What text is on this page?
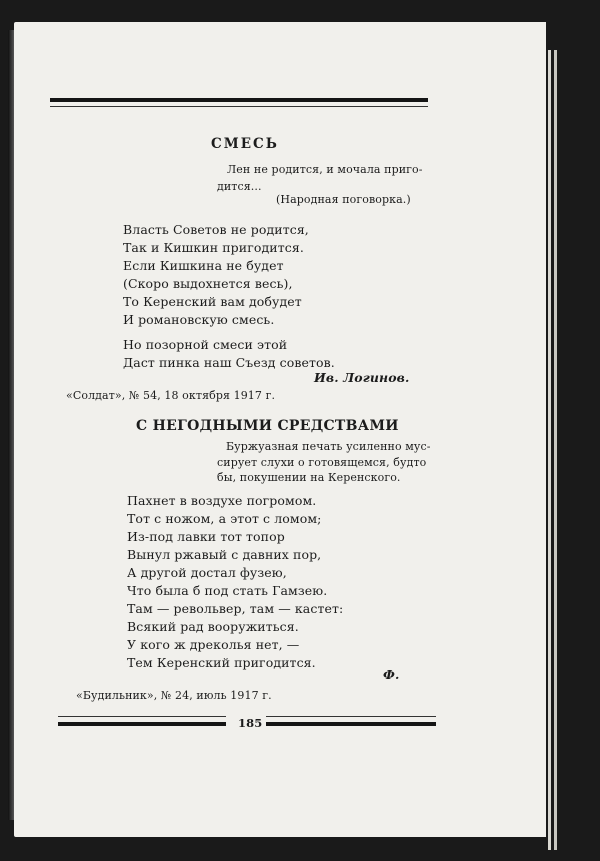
СМЕСЬ
Лен не родится, и мочала приго-
дится...
(Народная поговорка.)
Власть Советов не родится,
Так и Кишкин пригодится.
Если Кишкина не будет
(Скоро выдохнется весь),
То Керенский вам добудет
И романовскую смесь.
Но позорной смеси этой
Даст пинка наш Съезд советов.
Ив. Логинов.
«Солдат», № 54, 18 октября 1917 г.
С НЕГОДНЫМИ СРЕДСТВАМИ
Буржуазная печать усиленно мус-
сирует слухи о готовящемся, будто
бы, покушении на Керенского.
Пахнет в воздухе погромом.
Тот с ножом, а этот с ломом;
Из-под лавки тот топор
Вынул ржавый с давних пор,
А другой достал фузею,
Что была б под стать Гамзею.
Там — револьвер, там — кастет:
Всякий рад вооружиться.
У кого ж дреколья нет, —
Тем Керенский пригодится.
Ф.
«Будильник», № 24, июль 1917 г.
185
